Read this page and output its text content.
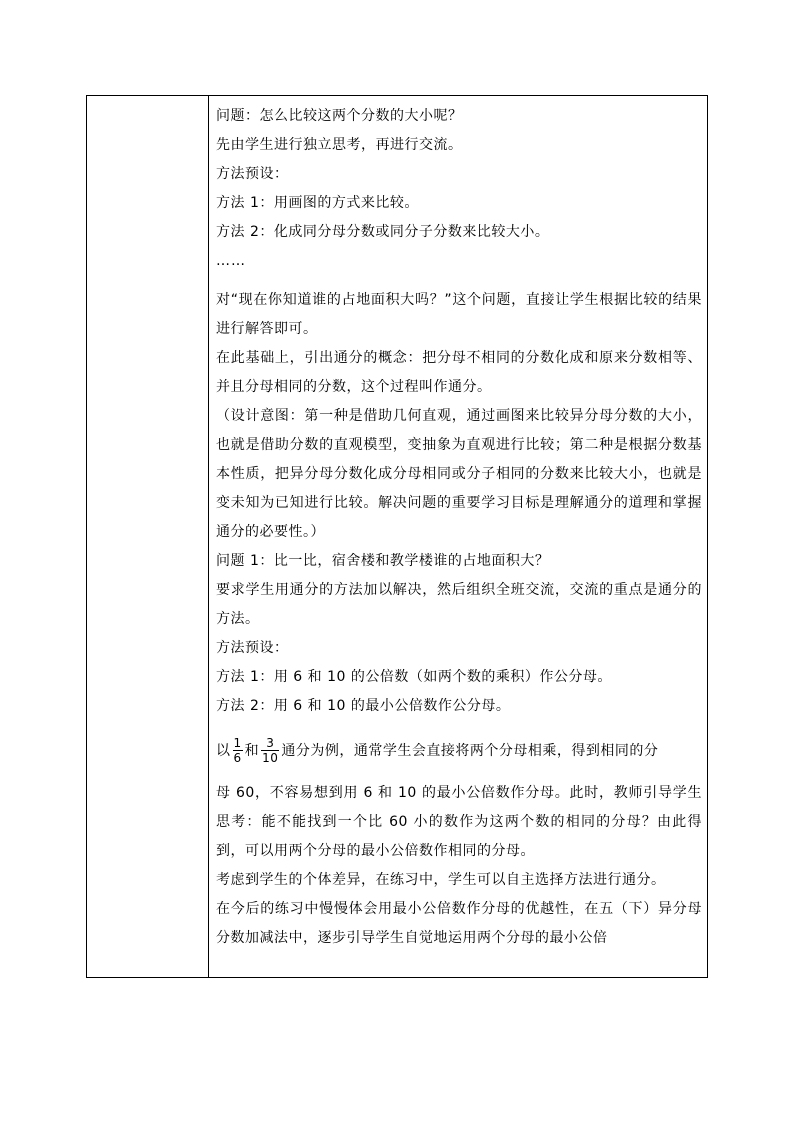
问题：怎么比较这两个分数的大小呢？
先由学生进行独立思考，再进行交流。
方法预设：
方法 1：用画图的方式来比较。
方法 2：化成同分母分数或同分子分数来比较大小。
……
对“现在你知道谁的占地面积大吗？”这个问题，直接让学生根据比较的结果进行解答即可。
在此基础上，引出通分的概念：把分母不相同的分数化成和原来分数相等、并且分母相同的分数，这个过程叫作通分。
（设计意图：第一种是借助几何直观，通过画图来比较异分母分数的大小，也就是借助分数的直观模型，变抽象为直观进行比较；第二种是根据分数基本性质，把异分母分数化成分母相同或分子相同的分数来比较大小，也就是变未知为已知进行比较。解决问题的重要学习目标是理解通分的道理和掌握通分的必要性。）
问题 1：比一比，宿舍楼和教学楼谁的占地面积大？
要求学生用通分的方法加以解决，然后组织全班交流，交流的重点是通分的方法。
方法预设：
方法 1：用 6 和 10 的公倍数（如两个数的乘积）作公分母。
方法 2：用 6 和 10 的最小公倍数作公分母。
以 $\frac{1}{6}$ 和 $\frac{3}{10}$ 通分为例，通常学生会直接将两个分母相乘，得到相同的分
母 60，不容易想到用 6 和 10 的最小公倍数作分母。此时，教师引导学生思考：能不能找到一个比 60 小的数作为这两个数的相同的分母？由此得到，可以用两个分母的最小公倍数作相同的分母。
考虑到学生的个体差异，在练习中，学生可以自主选择方法进行通分。
在今后的练习中慢慢体会用最小公倍数作分母的优越性，在五（下）异分母分数加减法中，逐步引导学生自觉地运用两个分母的最小公倍
